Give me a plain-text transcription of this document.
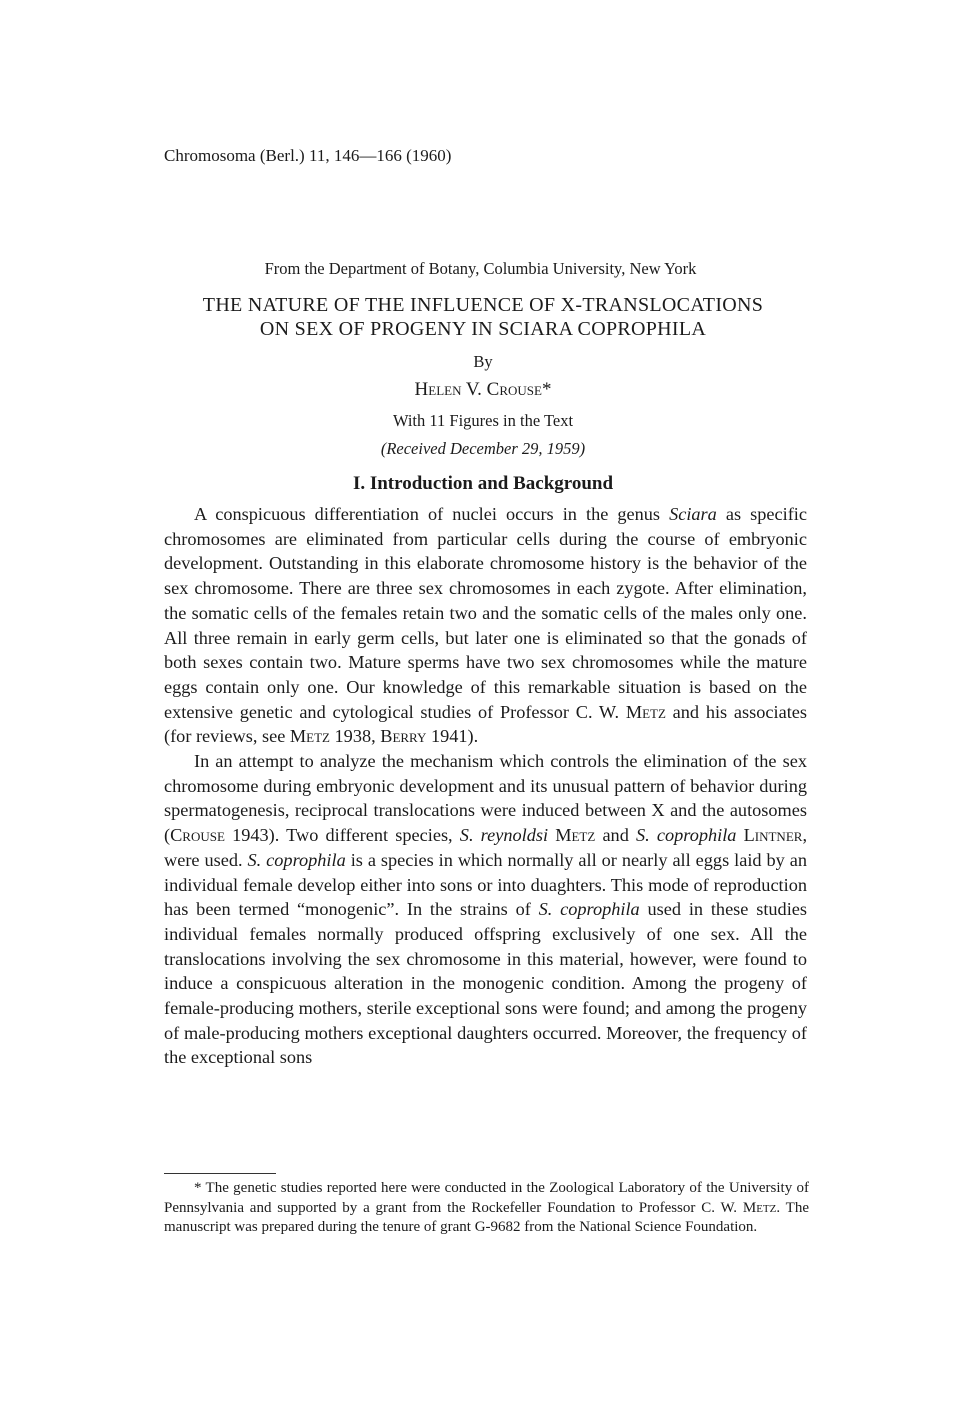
Chromosoma (Berl.) 11, 146—166 (1960)
From the Department of Botany, Columbia University, New York
THE NATURE OF THE INFLUENCE OF X-TRANSLOCATIONS
ON SEX OF PROGENY IN SCIARA COPROPHILA
By
Helen V. Crouse*
With 11 Figures in the Text
(Received December 29, 1959)
I. Introduction and Background

A conspicuous differentiation of nuclei occurs in the genus Sciara as specific chromosomes are eliminated from particular cells during the course of embryonic development. Outstanding in this elaborate chromosome history is the behavior of the sex chromosome. There are three sex chromosomes in each zygote. After elimination, the somatic cells of the females retain two and the somatic cells of the males only one. All three remain in early germ cells, but later one is eliminated so that the gonads of both sexes contain two. Mature sperms have two sex chromosomes while the mature eggs contain only one. Our knowledge of this remarkable situation is based on the extensive genetic and cytological studies of Professor C. W. Metz and his associates (for reviews, see Metz 1938, Berry 1941).

In an attempt to analyze the mechanism which controls the elimination of the sex chromosome during embryonic development and its unusual pattern of behavior during spermatogenesis, reciprocal translocations were induced between X and the autosomes (Crouse 1943). Two different species, S. reynoldsi Metz and S. coprophila Lintner, were used. S. coprophila is a species in which normally all or nearly all eggs laid by an individual female develop either into sons or into duaghters. This mode of reproduction has been termed “monogenic”. In the strains of S. coprophila used in these studies individual females normally produced offspring exclusively of one sex. All the translocations involving the sex chromosome in this material, however, were found to induce a conspicuous alteration in the monogenic condition. Among the progeny of female-producing mothers, sterile exceptional sons were found; and among the progeny of male-producing mothers exceptional daughters occurred. Moreover, the frequency of the exceptional sons

* The genetic studies reported here were conducted in the Zoological Laboratory of the University of Pennsylvania and supported by a grant from the Rockefeller Foundation to Professor C. W. Metz. The manuscript was prepared during the tenure of grant G-9682 from the National Science Foundation.
